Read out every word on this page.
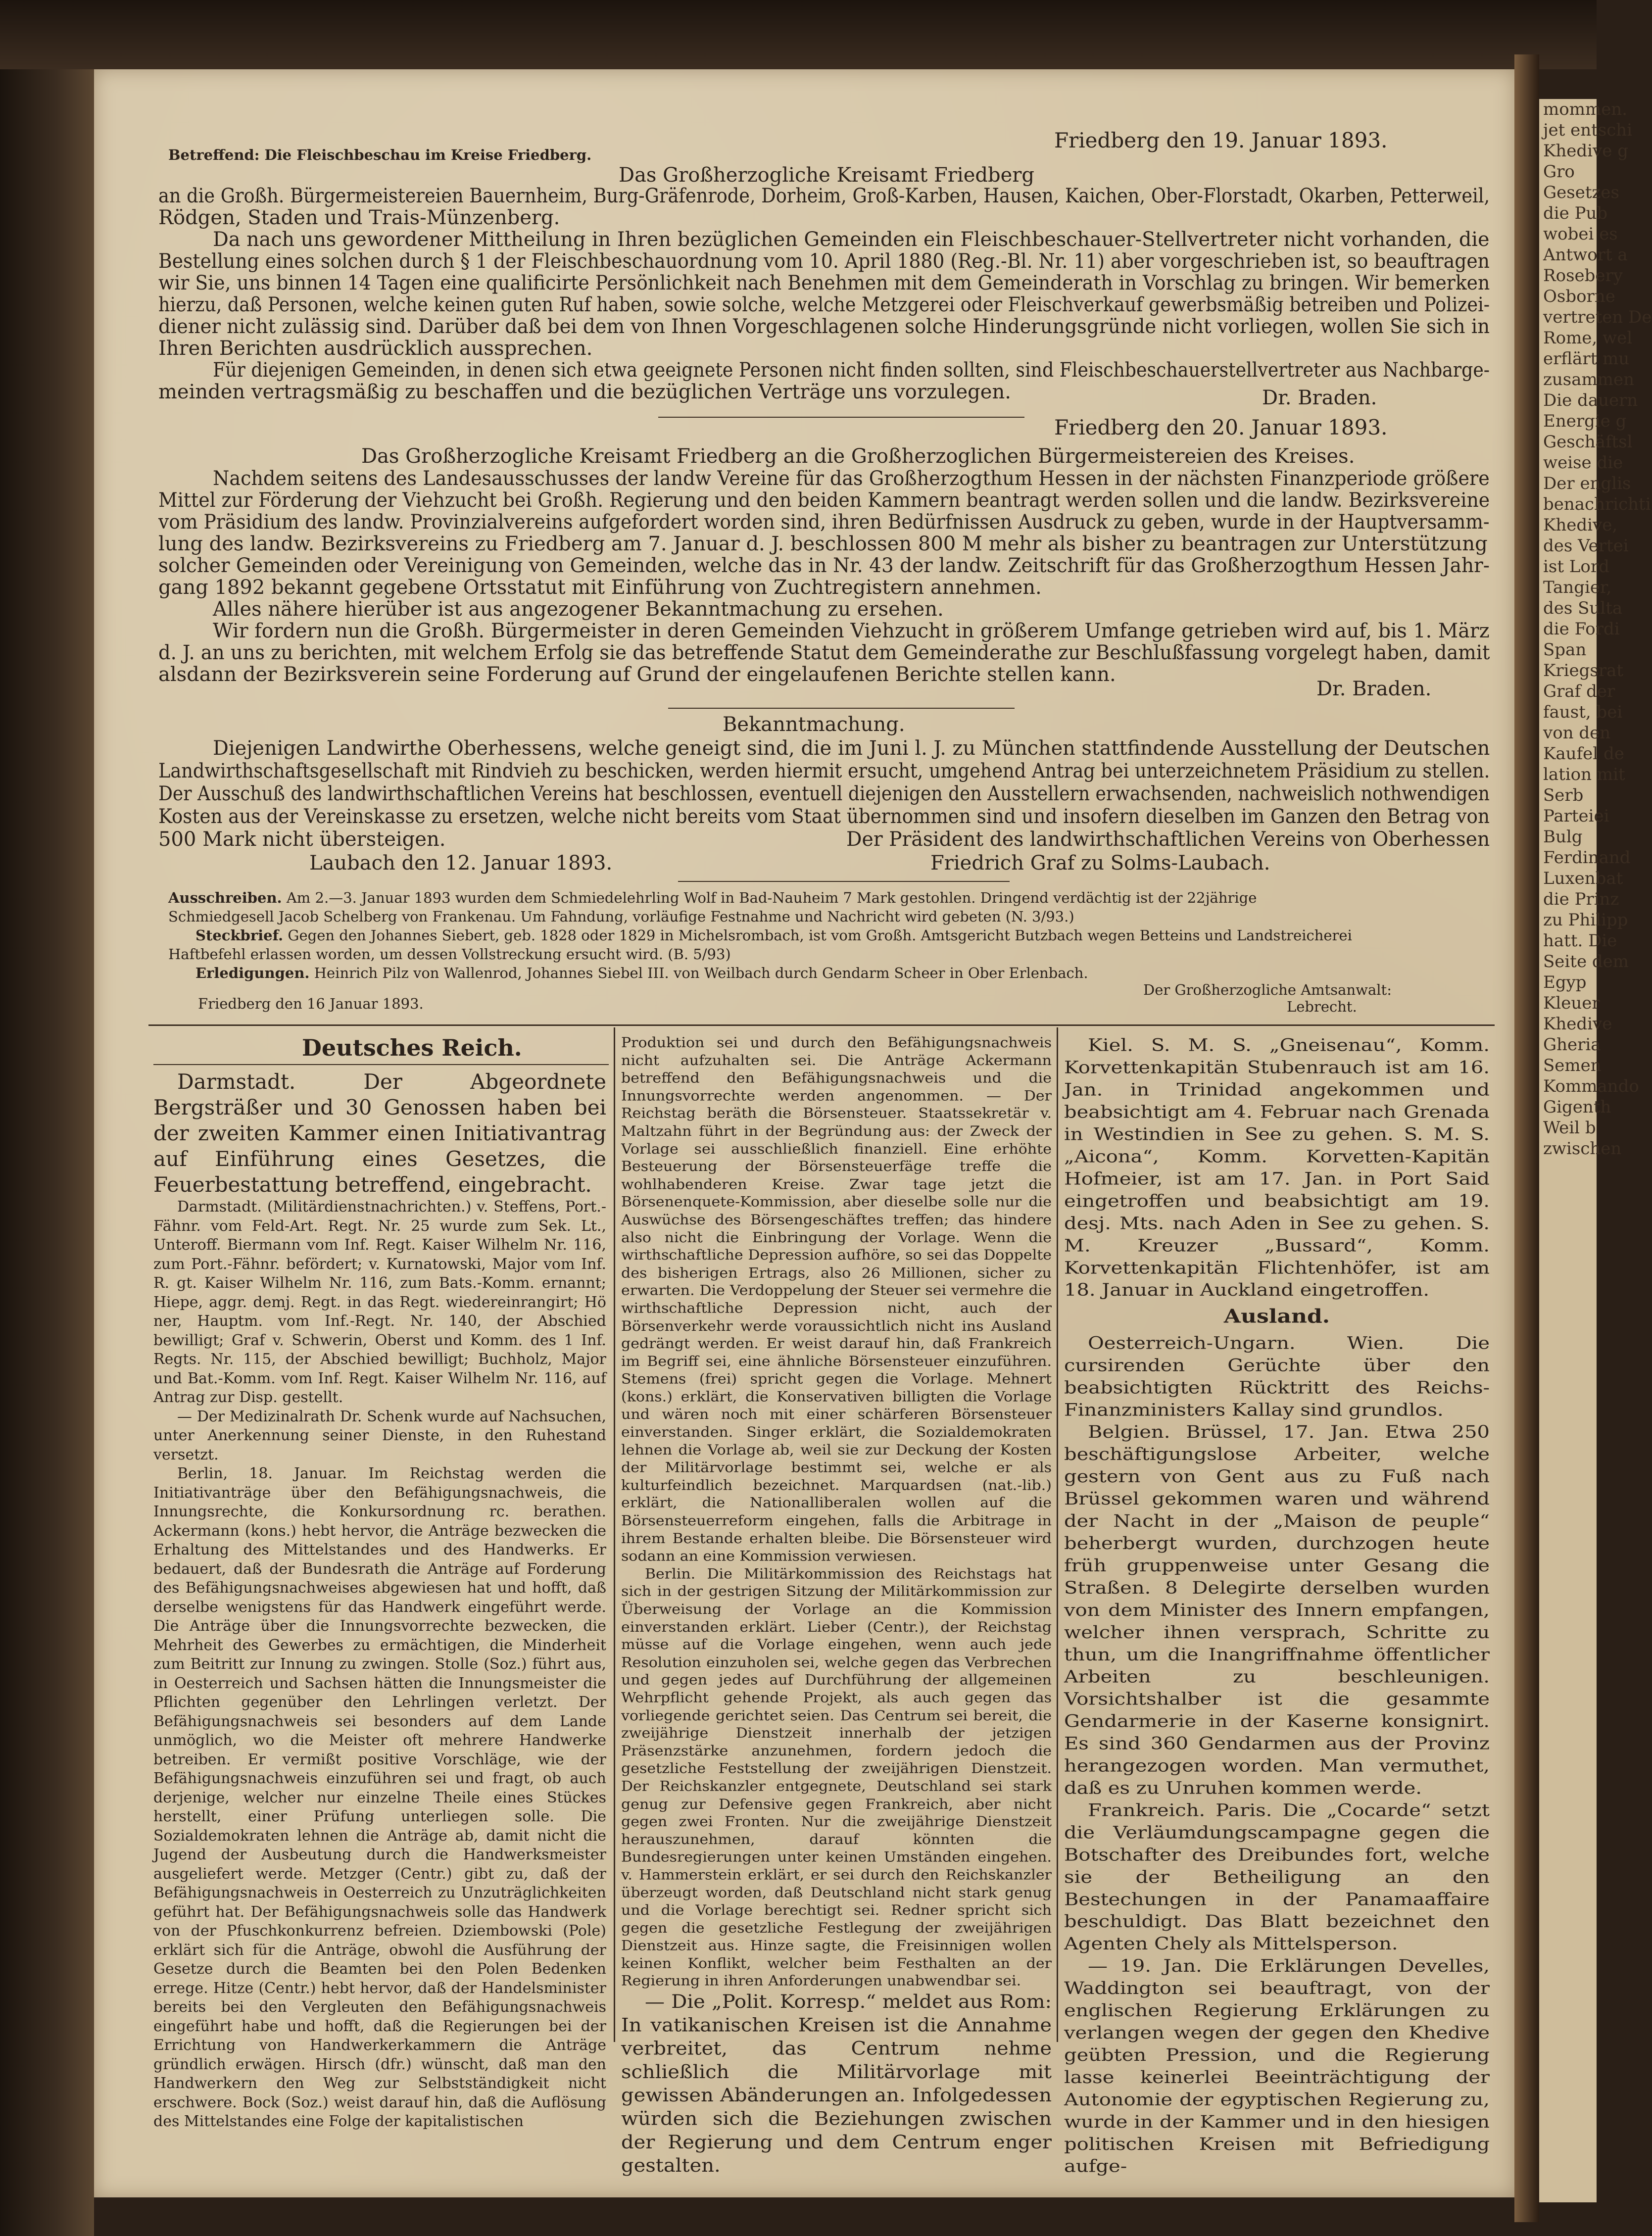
mommen.
jet entschi
Khedive g
Gro
Gesetzes
die Pub
wobei es
Antwort a
Rosebery
Osborne
vertreten De
Rome, wel
erflärt mu
zusammen
Die dauern
Energie g
Geschäftsl
weise die
Der englis
benachrichti
Khedive,
des Vertei
ist Lord
Tangier,
des Sulta
die Fordi
Span
Kriegsrat
Graf der
faust, bei
von den
Kaufel de
lation mit
Serb
Parteiei
Bulg
Ferdinand
Luxenbat
die Prinz
zu Philipp
hatt. Die
Seite dem
Egyp
Kleuer
Khedive
Gheria
Semen
Kommando
Gigenth
Weil b
zwischen
Betreffend: Die Fleischbeschau im Kreise Friedberg.
Friedberg den 19. Januar 1893.
Das Großherzogliche Kreisamt Friedberg
an die Großh. Bürgermeistereien Bauernheim, Burg-Gräfenrode, Dorheim, Groß-Karben, Hausen, Kaichen, Ober-Florstadt, Okarben, Petterweil,
Rödgen, Staden und Trais-Münzenberg.
Da nach uns gewordener Mittheilung in Ihren bezüglichen Gemeinden ein Fleischbeschauer-Stellvertreter nicht vorhanden, die
Bestellung eines solchen durch § 1 der Fleischbeschauordnung vom 10. April 1880 (Reg.-Bl. Nr. 11) aber vorgeschrieben ist, so beauftragen
wir Sie, uns binnen 14 Tagen eine qualificirte Persönlichkeit nach Benehmen mit dem Gemeinderath in Vorschlag zu bringen. Wir bemerken
hierzu, daß Personen, welche keinen guten Ruf haben, sowie solche, welche Metzgerei oder Fleischverkauf gewerbsmäßig betreiben und Polizei-
diener nicht zulässig sind. Darüber daß bei dem von Ihnen Vorgeschlagenen solche Hinderungsgründe nicht vorliegen, wollen Sie sich in
Ihren Berichten ausdrücklich aussprechen.
Für diejenigen Gemeinden, in denen sich etwa geeignete Personen nicht finden sollten, sind Fleischbeschauerstellvertreter aus Nachbarge-
meinden vertragsmäßig zu beschaffen und die bezüglichen Verträge uns vorzulegen.	Dr. Braden.
Friedberg den 20. Januar 1893.
Das Großherzogliche Kreisamt Friedberg an die Großherzoglichen Bürgermeistereien des Kreises.
Nachdem seitens des Landesausschusses der landw Vereine für das Großherzogthum Hessen in der nächsten Finanzperiode größere
Mittel zur Förderung der Viehzucht bei Großh. Regierung und den beiden Kammern beantragt werden sollen und die landw. Bezirksvereine
vom Präsidium des landw. Provinzialvereins aufgefordert worden sind, ihren Bedürfnissen Ausdruck zu geben, wurde in der Hauptversamm-
lung des landw. Bezirksvereins zu Friedberg am 7. Januar d. J. beschlossen 800 M mehr als bisher zu beantragen zur Unterstützung
solcher Gemeinden oder Vereinigung von Gemeinden, welche das in Nr. 43 der landw. Zeitschrift für das Großherzogthum Hessen Jahr-
gang 1892 bekannt gegebene Ortsstatut mit Einführung von Zuchtregistern annehmen.
Alles nähere hierüber ist aus angezogener Bekanntmachung zu ersehen.
Wir fordern nun die Großh. Bürgermeister in deren Gemeinden Viehzucht in größerem Umfange getrieben wird auf, bis 1. März
d. J. an uns zu berichten, mit welchem Erfolg sie das betreffende Statut dem Gemeinderathe zur Beschlußfassung vorgelegt haben, damit
alsdann der Bezirksverein seine Forderung auf Grund der eingelaufenen Berichte stellen kann.
Dr. Braden.
Bekanntmachung.
Diejenigen Landwirthe Oberhessens, welche geneigt sind, die im Juni l. J. zu München stattfindende Ausstellung der Deutschen
Landwirthschaftsgesellschaft mit Rindvieh zu beschicken, werden hiermit ersucht, umgehend Antrag bei unterzeichnetem Präsidium zu stellen.
Der Ausschuß des landwirthschaftlichen Vereins hat beschlossen, eventuell diejenigen den Ausstellern erwachsenden, nachweislich nothwendigen
Kosten aus der Vereinskasse zu ersetzen, welche nicht bereits vom Staat übernommen sind und insofern dieselben im Ganzen den Betrag von
500 Mark nicht übersteigen.	Der Präsident des landwirthschaftlichen Vereins von Oberhessen
Laubach den 12. Januar 1893.	Friedrich Graf zu Solms-Laubach.
Ausschreiben. Am 2.—3. Januar 1893 wurden dem Schmiedelehrling Wolf in Bad-Nauheim 7 Mark gestohlen. Dringend verdächtig ist der 22jährige
Schmiedgesell Jacob Schelberg von Frankenau. Um Fahndung, vorläufige Festnahme und Nachricht wird gebeten (N. 3/93.)
Steckbrief. Gegen den Johannes Siebert, geb. 1828 oder 1829 in Michelsrombach, ist vom Großh. Amtsgericht Butzbach wegen Betteins und Landstreicherei
Haftbefehl erlassen worden, um dessen Vollstreckung ersucht wird. (B. 5/93)
Erledigungen. Heinrich Pilz von Wallenrod, Johannes Siebel III. von Weilbach durch Gendarm Scheer in Ober Erlenbach.
Der Großherzogliche Amtsanwalt:
Friedberg den 16 Januar 1893.	Lebrecht.
Deutsches Reich.

Darmstadt. Der Abgeordnete Bergsträßer und 30 Genossen haben bei der zweiten Kammer einen Initiativantrag auf Einführung eines Gesetzes, die Feuerbestattung betreffend, eingebracht.

Darmstadt. (Militärdienstnachrichten.) v. Steffens, Port.-Fähnr. vom Feld-Art. Regt. Nr. 25 wurde zum Sek. Lt., Unteroff. Biermann vom Inf. Regt. Kaiser Wilhelm Nr. 116, zum Port.-Fähnr. befördert; v. Kurnatowski, Major vom Inf. R. gt. Kaiser Wilhelm Nr. 116, zum Bats.-Komm. ernannt; Hiepe, aggr. demj. Regt. in das Regt. wiedereinrangirt; Hö ner, Hauptm. vom Inf.-Regt. Nr. 140, der Abschied bewilligt; Graf v. Schwerin, Oberst und Komm. des 1 Inf. Regts. Nr. 115, der Abschied bewilligt; Buchholz, Major und Bat.-Komm. vom Inf. Regt. Kaiser Wilhelm Nr. 116, auf Antrag zur Disp. gestellt.

— Der Medizinalrath Dr. Schenk wurde auf Nachsuchen, unter Anerkennung seiner Dienste, in den Ruhestand versetzt.

Berlin, 18. Januar. Im Reichstag werden die Initiativanträge über den Befähigungsnachweis, die Innungsrechte, die Konkursordnung rc. berathen. Ackermann (kons.) hebt hervor, die Anträge bezwecken die Erhaltung des Mittelstandes und des Handwerks. Er bedauert, daß der Bundesrath die Anträge auf Forderung des Befähigungsnachweises abgewiesen hat und hofft, daß derselbe wenigstens für das Handwerk eingeführt werde. Die Anträge über die Innungsvorrechte bezwecken, die Mehrheit des Gewerbes zu ermächtigen, die Minderheit zum Beitritt zur Innung zu zwingen. Stolle (Soz.) führt aus, in Oesterreich und Sachsen hätten die Innungsmeister die Pflichten gegenüber den Lehrlingen verletzt. Der Befähigungsnachweis sei besonders auf dem Lande unmöglich, wo die Meister oft mehrere Handwerke betreiben. Er vermißt positive Vorschläge, wie der Befähigungsnachweis einzuführen sei und fragt, ob auch derjenige, welcher nur einzelne Theile eines Stückes herstellt, einer Prüfung unterliegen solle. Die Sozialdemokraten lehnen die Anträge ab, damit nicht die Jugend der Ausbeutung durch die Handwerksmeister ausgeliefert werde. Metzger (Centr.) gibt zu, daß der Befähigungsnachweis in Oesterreich zu Unzuträglichkeiten geführt hat. Der Befähigungsnachweis solle das Handwerk von der Pfuschkonkurrenz befreien. Dziembowski (Pole) erklärt sich für die Anträge, obwohl die Ausführung der Gesetze durch die Beamten bei den Polen Bedenken errege. Hitze (Centr.) hebt hervor, daß der Handelsminister bereits bei den Vergleuten den Befähigungsnachweis eingeführt habe und hofft, daß die Regierungen bei der Errichtung von Handwerkerkammern die Anträge gründlich erwägen. Hirsch (dfr.) wünscht, daß man den Handwerkern den Weg zur Selbstständigkeit nicht erschwere. Bock (Soz.) weist darauf hin, daß die Auflösung des Mittelstandes eine Folge der kapitalistischen

Produktion sei und durch den Befähigungsnachweis nicht aufzuhalten sei. Die Anträge Ackermann betreffend den Befähigungsnachweis und die Innungsvorrechte werden angenommen. — Der Reichstag beräth die Börsensteuer. Staatssekretär v. Maltzahn führt in der Begründung aus: der Zweck der Vorlage sei ausschließlich finanziell. Eine erhöhte Besteuerung der Börsensteuerfäge treffe die wohlhabenderen Kreise. Zwar tage jetzt die Börsenenquete-Kommission, aber dieselbe solle nur die Auswüchse des Börsengeschäftes treffen; das hindere also nicht die Einbringung der Vorlage. Wenn die wirthschaftliche Depression aufhöre, so sei das Doppelte des bisherigen Ertrags, also 26 Millionen, sicher zu erwarten. Die Verdoppelung der Steuer sei vermehre die wirthschaftliche Depression nicht, auch der Börsenverkehr werde voraussichtlich nicht ins Ausland gedrängt werden. Er weist darauf hin, daß Frankreich im Begriff sei, eine ähnliche Börsensteuer einzuführen. Stemens (frei) spricht gegen die Vorlage. Mehnert (kons.) erklärt, die Konservativen billigten die Vorlage und wären noch mit einer schärferen Börsensteuer einverstanden. Singer erklärt, die Sozialdemokraten lehnen die Vorlage ab, weil sie zur Deckung der Kosten der Militärvorlage bestimmt sei, welche er als kulturfeindlich bezeichnet. Marquardsen (nat.-lib.) erklärt, die Nationalliberalen wollen auf die Börsensteuerreform eingehen, falls die Arbitrage in ihrem Bestande erhalten bleibe. Die Börsensteuer wird sodann an eine Kommission verwiesen.

Berlin. Die Militärkommission des Reichstags hat sich in der gestrigen Sitzung der Militärkommission zur Überweisung der Vorlage an die Kommission einverstanden erklärt. Lieber (Centr.), der Reichstag müsse auf die Vorlage eingehen, wenn auch jede Resolution einzuholen sei, welche gegen das Verbrechen und gegen jedes auf Durchführung der allgemeinen Wehrpflicht gehende Projekt, als auch gegen das vorliegende gerichtet seien. Das Centrum sei bereit, die zweijährige Dienstzeit innerhalb der jetzigen Präsenzstärke anzunehmen, fordern jedoch die gesetzliche Feststellung der zweijährigen Dienstzeit. Der Reichskanzler entgegnete, Deutschland sei stark genug zur Defensive gegen Frankreich, aber nicht gegen zwei Fronten. Nur die zweijährige Dienstzeit herauszunehmen, darauf könnten die Bundesregierungen unter keinen Umständen eingehen. v. Hammerstein erklärt, er sei durch den Reichskanzler überzeugt worden, daß Deutschland nicht stark genug und die Vorlage berechtigt sei. Redner spricht sich gegen die gesetzliche Festlegung der zweijährigen Dienstzeit aus. Hinze sagte, die Freisinnigen wollen keinen Konflikt, welcher beim Festhalten an der Regierung in ihren Anforderungen unabwendbar sei.

— Die „Polit. Korresp.“ meldet aus Rom: In vatikanischen Kreisen ist die Annahme verbreitet, das Centrum nehme schließlich die Militärvorlage mit gewissen Abänderungen an. Infolgedessen würden sich die Beziehungen zwischen der Regierung und dem Centrum enger gestalten.

Kiel. S. M. S. „Gneisenau“, Komm. Korvettenkapitän Stubenrauch ist am 16. Jan. in Trinidad angekommen und beabsichtigt am 4. Februar nach Grenada in Westindien in See zu gehen. S. M. S. „Aicona“, Komm. Korvetten-Kapitän Hofmeier, ist am 17. Jan. in Port Said eingetroffen und beabsichtigt am 19. desj. Mts. nach Aden in See zu gehen. S. M. Kreuzer „Bussard“, Komm. Korvettenkapitän Flichtenhöfer, ist am 18. Januar in Auckland eingetroffen.

Ausland.

Oesterreich-Ungarn. Wien. Die cursirenden Gerüchte über den beabsichtigten Rücktritt des Reichs-Finanzministers Kallay sind grundlos.

Belgien. Brüssel, 17. Jan. Etwa 250 beschäftigungslose Arbeiter, welche gestern von Gent aus zu Fuß nach Brüssel gekommen waren und während der Nacht in der „Maison de peuple“ beherbergt wurden, durchzogen heute früh gruppenweise unter Gesang die Straßen. 8 Delegirte derselben wurden von dem Minister des Innern empfangen, welcher ihnen versprach, Schritte zu thun, um die Inangriffnahme öffentlicher Arbeiten zu beschleunigen. Vorsichtshalber ist die gesammte Gendarmerie in der Kaserne konsignirt. Es sind 360 Gendarmen aus der Provinz herangezogen worden. Man vermuthet, daß es zu Unruhen kommen werde.

Frankreich. Paris. Die „Cocarde“ setzt die Verläumdungscampagne gegen die Botschafter des Dreibundes fort, welche sie der Betheiligung an den Bestechungen in der Panamaaffaire beschuldigt. Das Blatt bezeichnet den Agenten Chely als Mittelsperson.

— 19. Jan. Die Erklärungen Develles, Waddington sei beauftragt, von der englischen Regierung Erklärungen zu verlangen wegen der gegen den Khedive geübten Pression, und die Regierung lasse keinerlei Beeinträchtigung der Autonomie der egyptischen Regierung zu, wurde in der Kammer und in den hiesigen politischen Kreisen mit Befriedigung aufge-
